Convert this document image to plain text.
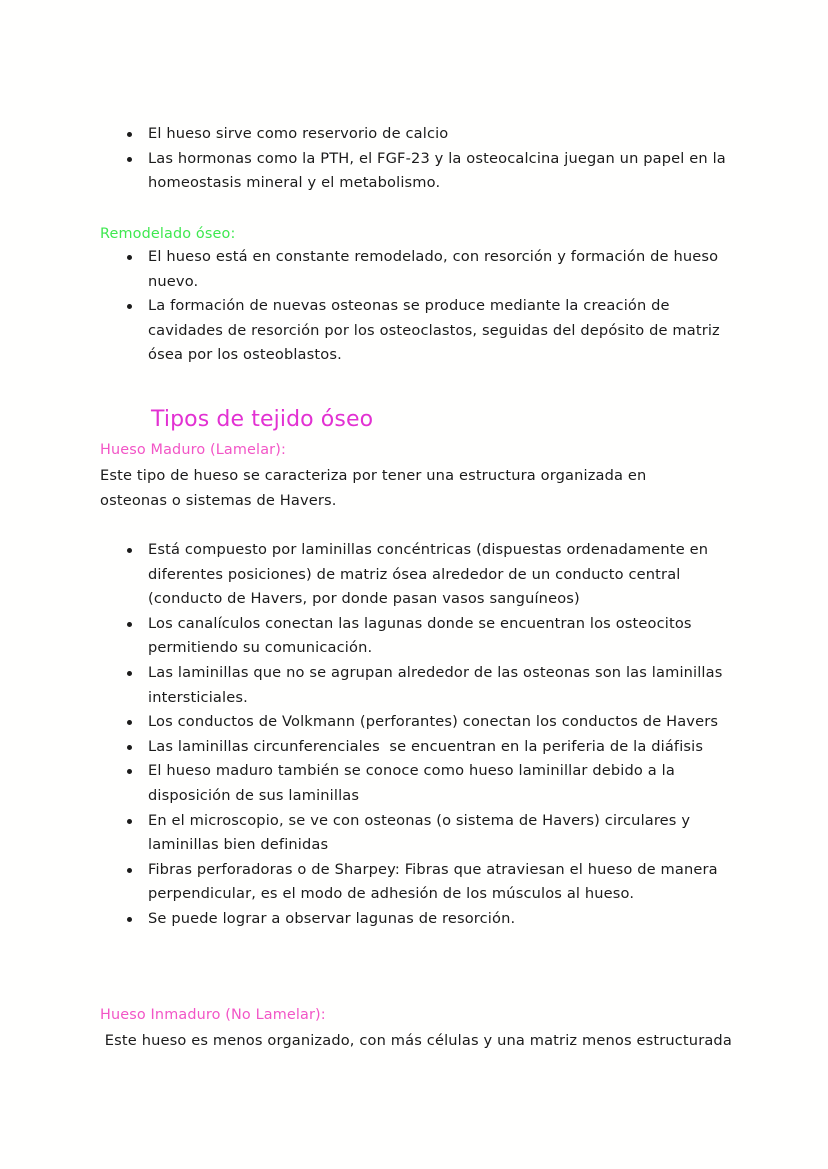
El hueso sirve como reservorio de calcio
Las hormonas como la PTH, el FGF-23 y la osteocalcina juegan un papel en la homeostasis mineral y el metabolismo.
Remodelado óseo:
El hueso está en constante remodelado, con resorción y formación de hueso nuevo.
La formación de nuevas osteonas se produce mediante la creación de cavidades de resorción por los osteoclastos, seguidas del depósito de matriz ósea por los osteoblastos.
Tipos de tejido óseo
Hueso Maduro (Lamelar):
Este tipo de hueso se caracteriza por tener una estructura organizada en osteonas o sistemas de Havers.
Está compuesto por laminillas concéntricas (dispuestas ordenadamente en diferentes posiciones) de matriz ósea alrededor de un conducto central (conducto de Havers, por donde pasan vasos sanguíneos)
Los canalículos conectan las lagunas donde se encuentran los osteocitos permitiendo su comunicación.
Las laminillas que no se agrupan alrededor de las osteonas son las laminillas intersticiales.
Los conductos de Volkmann (perforantes) conectan los conductos de Havers
Las laminillas circunferenciales  se encuentran en la periferia de la diáfisis
El hueso maduro también se conoce como hueso laminillar debido a la disposición de sus laminillas
En el microscopio, se ve con osteonas (o sistema de Havers) circulares y laminillas bien definidas
Fibras perforadoras o de Sharpey: Fibras que atraviesan el hueso de manera perpendicular, es el modo de adhesión de los músculos al hueso.
Se puede lograr a observar lagunas de resorción.
Hueso Inmaduro (No Lamelar):
Este hueso es menos organizado, con más células y una matriz menos estructurada
